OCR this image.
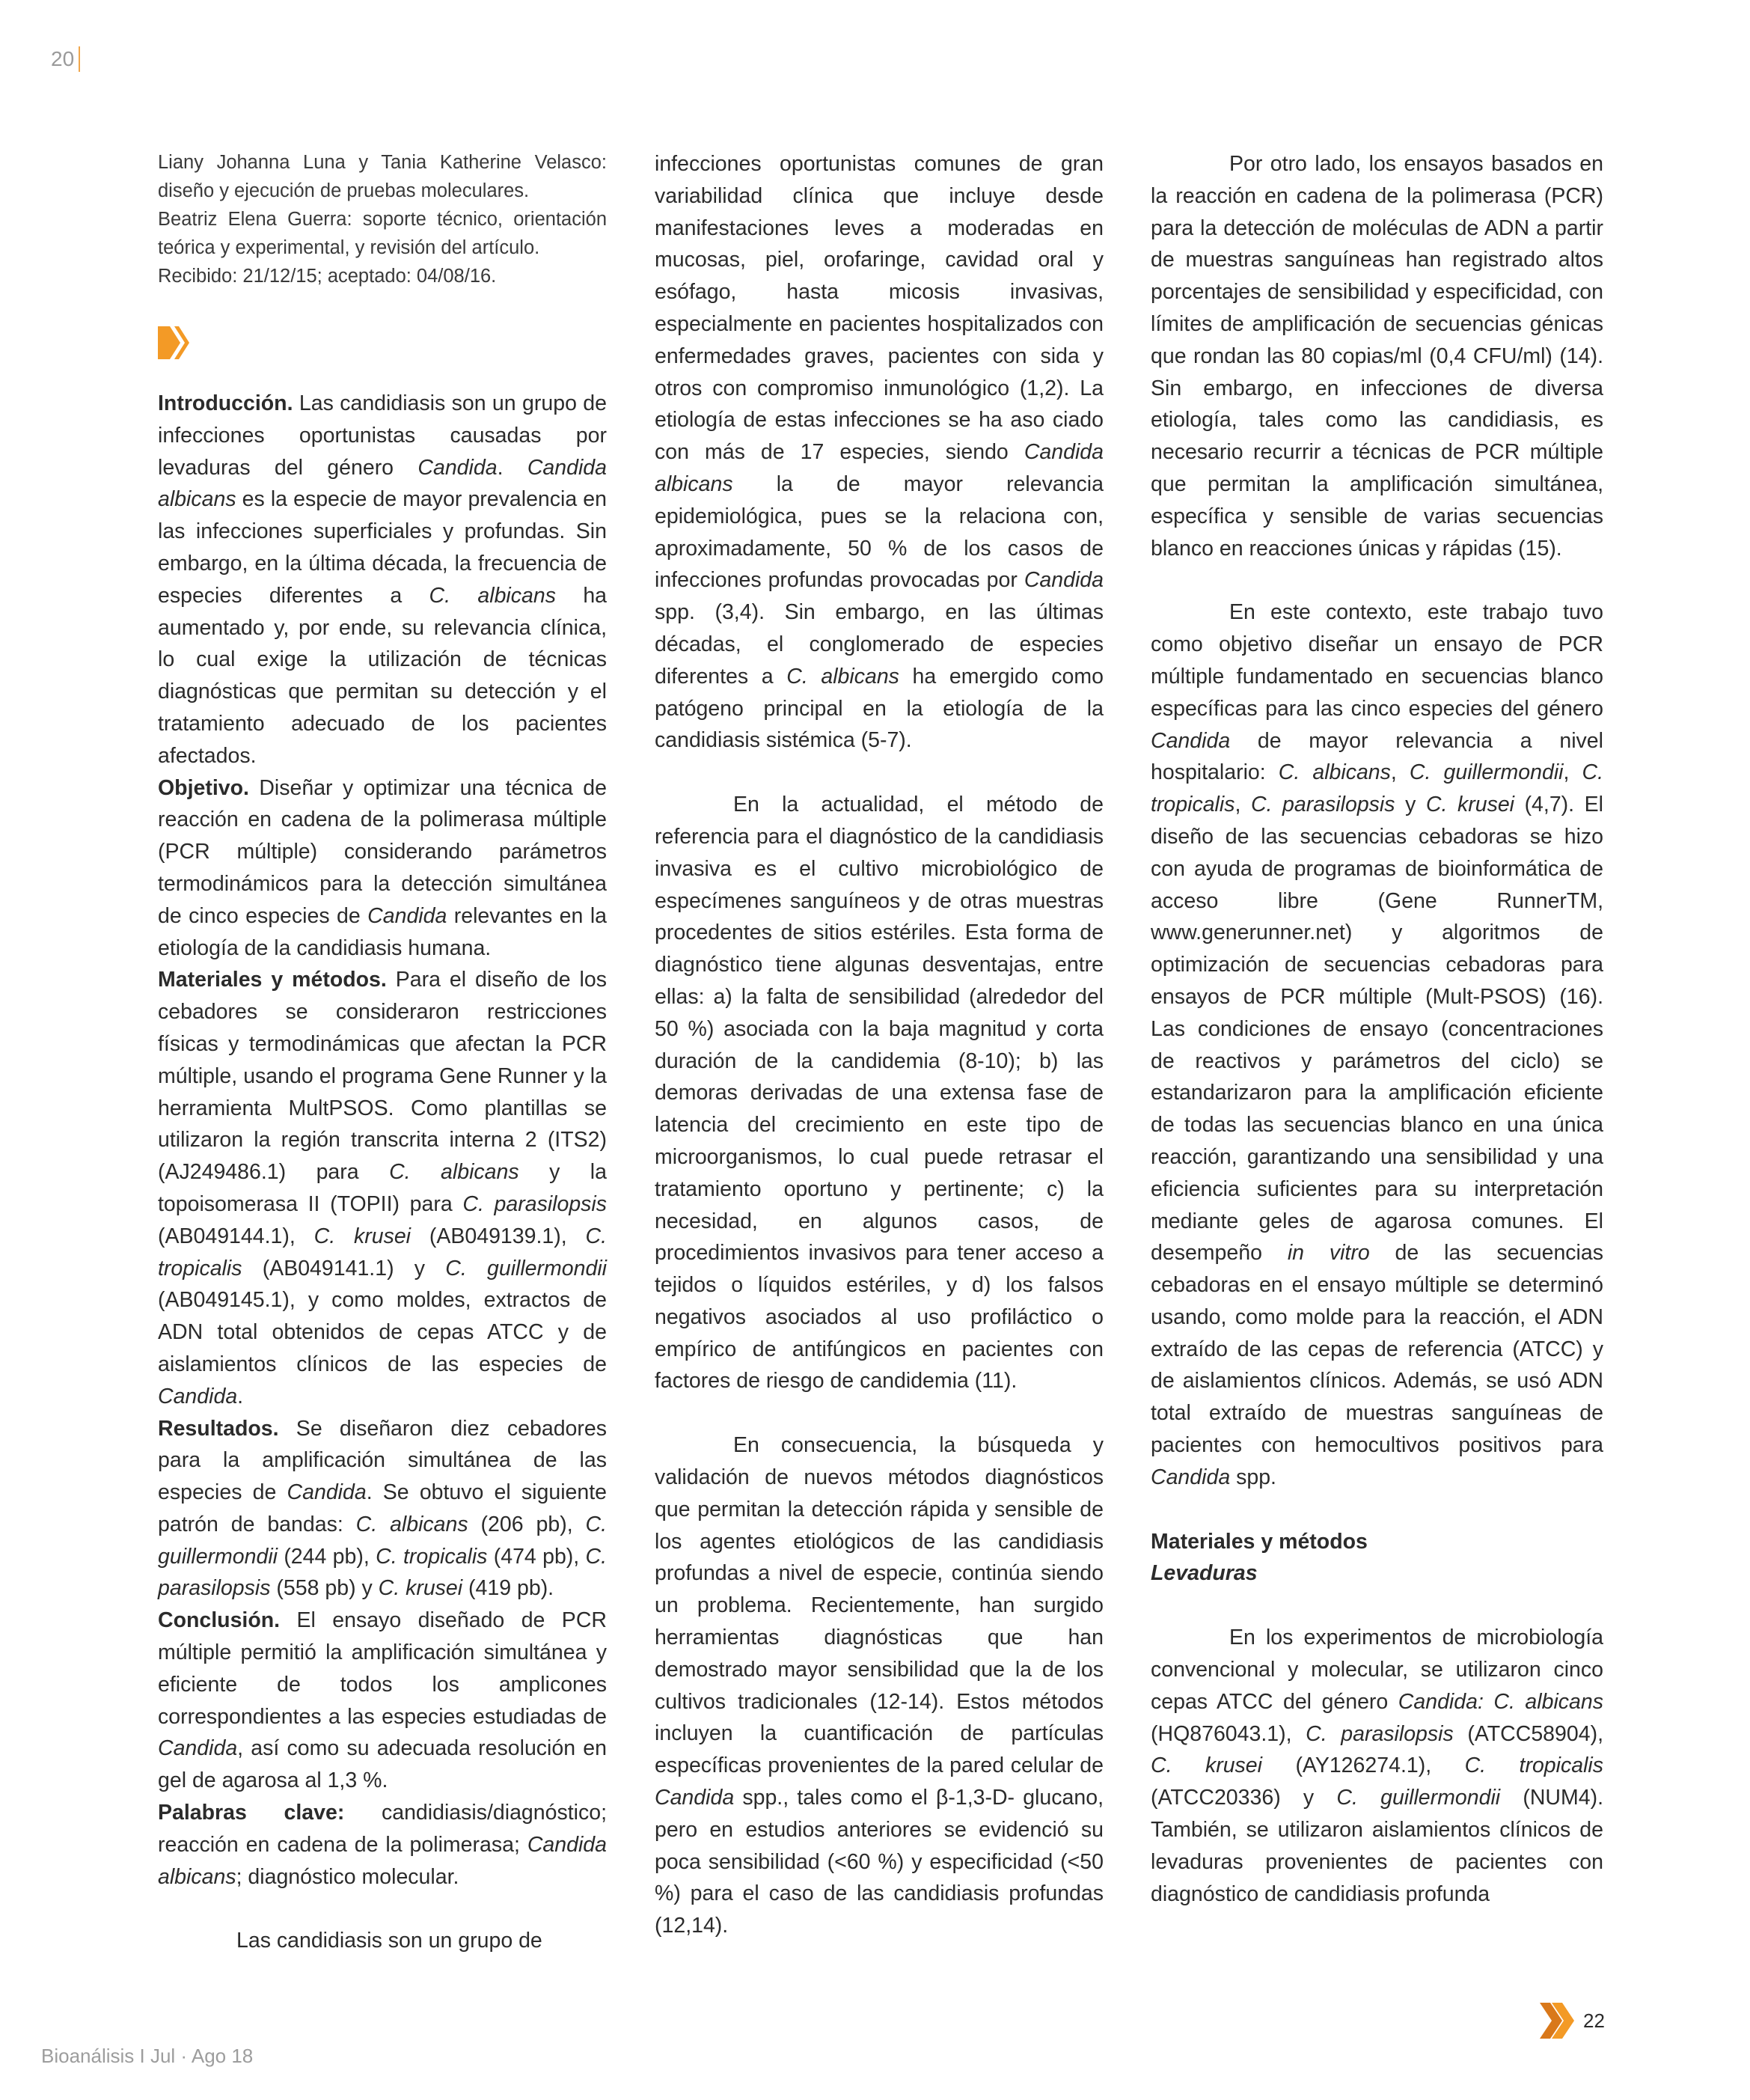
20

Liany Johanna Luna y Tania Katherine Velasco: diseño y ejecución de pruebas moleculares.

Beatriz Elena Guerra: soporte técnico, orientación teórica y experimental, y revisión del artículo.

Recibido: 21/12/15; aceptado: 04/08/16.

Introducción. Las candidiasis son un grupo de infecciones oportunistas causadas por levaduras del género Candida. Candida albicans es la especie de mayor prevalencia en las infecciones superficiales y profundas. Sin embargo, en la última década, la frecuencia de especies diferentes a C. albicans ha aumentado y, por ende, su relevancia clínica, lo cual exige la utilización de técnicas diagnósticas que permitan su detección y el tratamiento adecuado de los pacientes afectados.

Objetivo. Diseñar y optimizar una técnica de reacción en cadena de la polimerasa múltiple (PCR múltiple) considerando parámetros termodinámicos para la detección simultánea de cinco especies de Candida relevantes en la etiología de la candidiasis humana.

Materiales y métodos. Para el diseño de los cebadores se consideraron restricciones físicas y termodinámicas que afectan la PCR múltiple, usando el programa Gene Runner y la herramienta MultPSOS. Como plantillas se utilizaron la región transcrita interna 2 (ITS2) (AJ249486.1) para C. albicans y la topoisomerasa II (TOPII) para C. parasilopsis (AB049144.1), C. krusei (AB049139.1), C. tropicalis (AB049141.1) y C. guillermondii (AB049145.1), y como moldes, extractos de ADN total obtenidos de cepas ATCC y de aislamientos clínicos de las especies de Candida.

Resultados. Se diseñaron diez cebadores para la amplificación simultánea de las especies de Candida. Se obtuvo el siguiente patrón de bandas: C. albicans (206 pb), C. guillermondii (244 pb), C. tropicalis (474 pb), C. parasilopsis (558 pb) y C. krusei (419 pb).

Conclusión. El ensayo diseñado de PCR múltiple permitió la amplificación simultánea y eficiente de todos los amplicones correspondientes a las especies estudiadas de Candida, así como su adecuada resolución en gel de agarosa al 1,3 %.

Palabras clave: candidiasis/diagnóstico; reacción en cadena de la polimerasa; Candida albicans; diagnóstico molecular.

Las candidiasis son un grupo de

infecciones oportunistas comunes de gran variabilidad clínica que incluye desde manifestaciones leves a moderadas en mucosas, piel, orofaringe, cavidad oral y esófago, hasta micosis invasivas, especialmente en pacientes hospitalizados con enfermedades graves, pacientes con sida y otros con compromiso inmunológico (1,2). La etiología de estas infecciones se ha aso ciado con más de 17 especies, siendo Candida albicans la de mayor relevancia epidemiológica, pues se la relaciona con, aproximadamente, 50 % de los casos de infecciones profundas provocadas por Candida spp. (3,4). Sin embargo, en las últimas décadas, el conglomerado de especies diferentes a C. albicans ha emergido como patógeno principal en la etiología de la candidiasis sistémica (5-7).

En la actualidad, el método de referencia para el diagnóstico de la candidiasis invasiva es el cultivo microbiológico de especímenes sanguíneos y de otras muestras procedentes de sitios estériles. Esta forma de diagnóstico tiene algunas desventajas, entre ellas: a) la falta de sensibilidad (alrededor del 50 %) asociada con la baja magnitud y corta duración de la candidemia (8-10); b) las demoras derivadas de una extensa fase de latencia del crecimiento en este tipo de microorganismos, lo cual puede retrasar el tratamiento oportuno y pertinente; c) la necesidad, en algunos casos, de procedimientos invasivos para tener acceso a tejidos o líquidos estériles, y d) los falsos negativos asociados al uso profiláctico o empírico de antifúngicos en pacientes con factores de riesgo de candidemia (11).

En consecuencia, la búsqueda y validación de nuevos métodos diagnósticos que permitan la detección rápida y sensible de los agentes etiológicos de las candidiasis profundas a nivel de especie, continúa siendo un problema. Recientemente, han surgido herramientas diagnósticas que han demostrado mayor sensibilidad que la de los cultivos tradicionales (12-14). Estos métodos incluyen la cuantificación de partículas específicas provenientes de la pared celular de Candida spp., tales como el β-1,3-D- glucano, pero en estudios anteriores se evidenció su poca sensibilidad (<60 %) y especificidad (<50 %) para el caso de las candidiasis profundas (12,14).

Por otro lado, los ensayos basados en la reacción en cadena de la polimerasa (PCR) para la detección de moléculas de ADN a partir de muestras sanguíneas han registrado altos porcentajes de sensibilidad y especificidad, con límites de amplificación de secuencias génicas que rondan las 80 copias/ml (0,4 CFU/ml) (14). Sin embargo, en infecciones de diversa etiología, tales como las candidiasis, es necesario recurrir a técnicas de PCR múltiple que permitan la amplificación simultánea, específica y sensible de varias secuencias blanco en reacciones únicas y rápidas (15).

En este contexto, este trabajo tuvo como objetivo diseñar un ensayo de PCR múltiple fundamentado en secuencias blanco específicas para las cinco especies del género Candida de mayor relevancia a nivel hospitalario: C. albicans, C. guillermondii, C. tropicalis, C. parasilopsis y C. krusei (4,7). El diseño de las secuencias cebadoras se hizo con ayuda de programas de bioinformática de acceso libre (Gene RunnerTM, www.generunner.net) y algoritmos de optimización de secuencias cebadoras para ensayos de PCR múltiple (Mult-PSOS) (16). Las condiciones de ensayo (concentraciones de reactivos y parámetros del ciclo) se estandarizaron para la amplificación eficiente de todas las secuencias blanco en una única reacción, garantizando una sensibilidad y una eficiencia suficientes para su interpretación mediante geles de agarosa comunes. El desempeño in vitro de las secuencias cebadoras en el ensayo múltiple se determinó usando, como molde para la reacción, el ADN extraído de las cepas de referencia (ATCC) y de aislamientos clínicos. Además, se usó ADN total extraído de muestras sanguíneas de pacientes con hemocultivos positivos para Candida spp.

Materiales y métodos

Levaduras

En los experimentos de microbiología convencional y molecular, se utilizaron cinco cepas ATCC del género Candida: C. albicans (HQ876043.1), C. parasilopsis (ATCC58904), C. krusei (AY126274.1), C. tropicalis (ATCC20336) y C. guillermondii (NUM4). También, se utilizaron aislamientos clínicos de levaduras provenientes de pacientes con diagnóstico de candidiasis profunda

Bioanálisis I Jul · Ago 18
22
